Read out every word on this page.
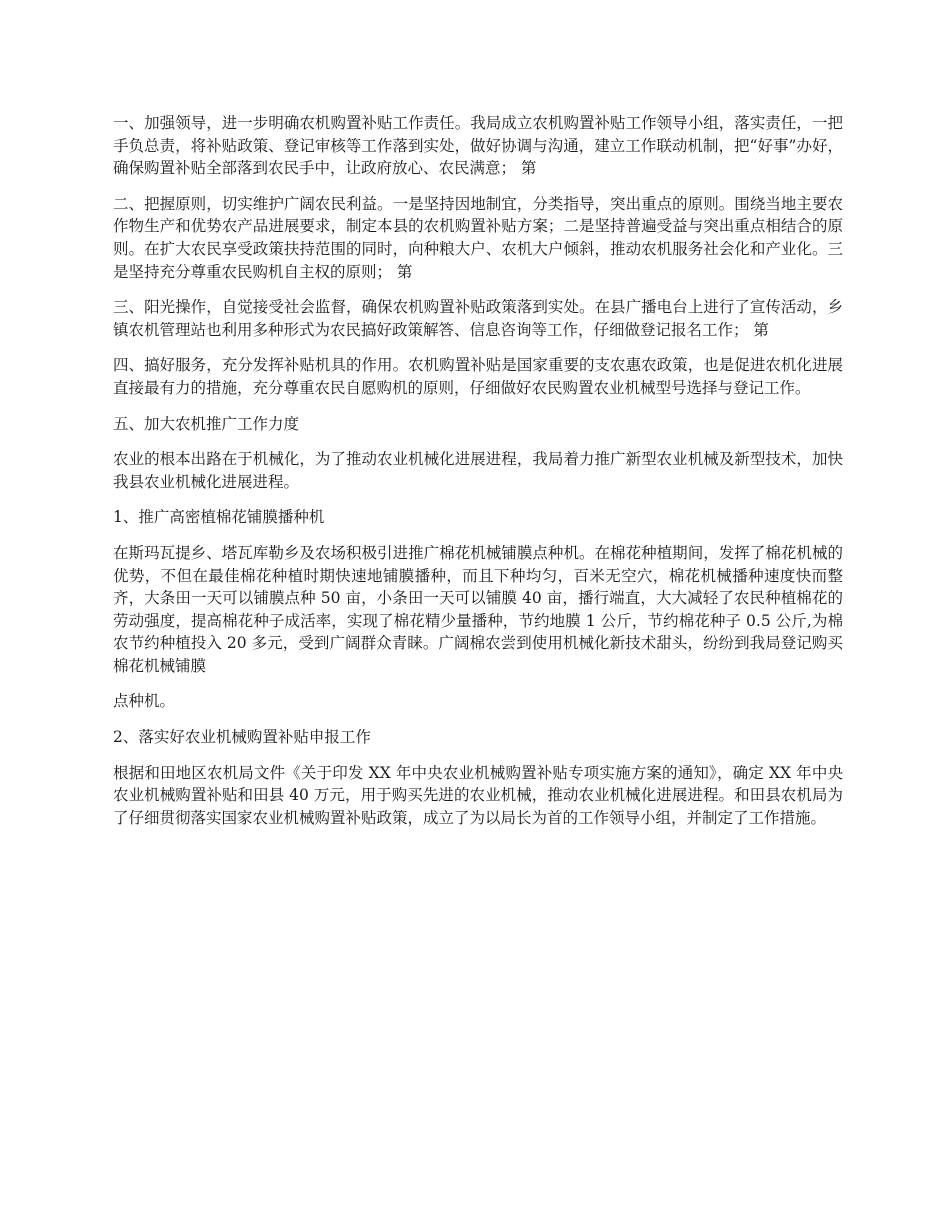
一、加强领导，进一步明确农机购置补贴工作责任。我局成立农机购置补贴工作领导小组，落实责任，一把手负总责，将补贴政策、登记审核等工作落到实处，做好协调与沟通，建立工作联动机制，把“好事”办好，确保购置补贴全部落到农民手中，让政府放心、农民满意； 第

二、把握原则，切实维护广阔农民利益。一是坚持因地制宜，分类指导，突出重点的原则。围绕当地主要农作物生产和优势农产品进展要求，制定本县的农机购置补贴方案；二是坚持普遍受益与突出重点相结合的原则。在扩大农民享受政策扶持范围的同时，向种粮大户、农机大户倾斜，推动农机服务社会化和产业化。三是坚持充分尊重农民购机自主权的原则； 第

三、阳光操作，自觉接受社会监督，确保农机购置补贴政策落到实处。在县广播电台上进行了宣传活动，乡镇农机管理站也利用多种形式为农民搞好政策解答、信息咨询等工作，仔细做登记报名工作； 第

四、搞好服务，充分发挥补贴机具的作用。农机购置补贴是国家重要的支农惠农政策，也是促进农机化进展直接最有力的措施，充分尊重农民自愿购机的原则，仔细做好农民购置农业机械型号选择与登记工作。

五、加大农机推广工作力度

农业的根本出路在于机械化，为了推动农业机械化进展进程，我局着力推广新型农业机械及新型技术，加快我县农业机械化进展进程。

1、推广高密植棉花铺膜播种机

在斯玛瓦提乡、塔瓦库勒乡及农场积极引进推广棉花机械铺膜点种机。在棉花种植期间，发挥了棉花机械的优势，不但在最佳棉花种植时期快速地铺膜播种，而且下种均匀，百米无空穴，棉花机械播种速度快而整齐，大条田一天可以铺膜点种 50 亩，小条田一天可以铺膜 40 亩，播行端直，大大减轻了农民种植棉花的劳动强度，提高棉花种子成活率，实现了棉花精少量播种，节约地膜 1 公斤，节约棉花种子 0.5 公斤,为棉农节约种植投入 20 多元，受到广阔群众青睐。广阔棉农尝到使用机械化新技术甜头，纷纷到我局登记购买棉花机械铺膜

点种机。

2、落实好农业机械购置补贴申报工作

根据和田地区农机局文件《关于印发 XX 年中央农业机械购置补贴专项实施方案的通知》，确定 XX 年中央农业机械购置补贴和田县 40 万元，用于购买先进的农业机械，推动农业机械化进展进程。和田县农机局为了仔细贯彻落实国家农业机械购置补贴政策，成立了为以局长为首的工作领导小组，并制定了工作措施。
